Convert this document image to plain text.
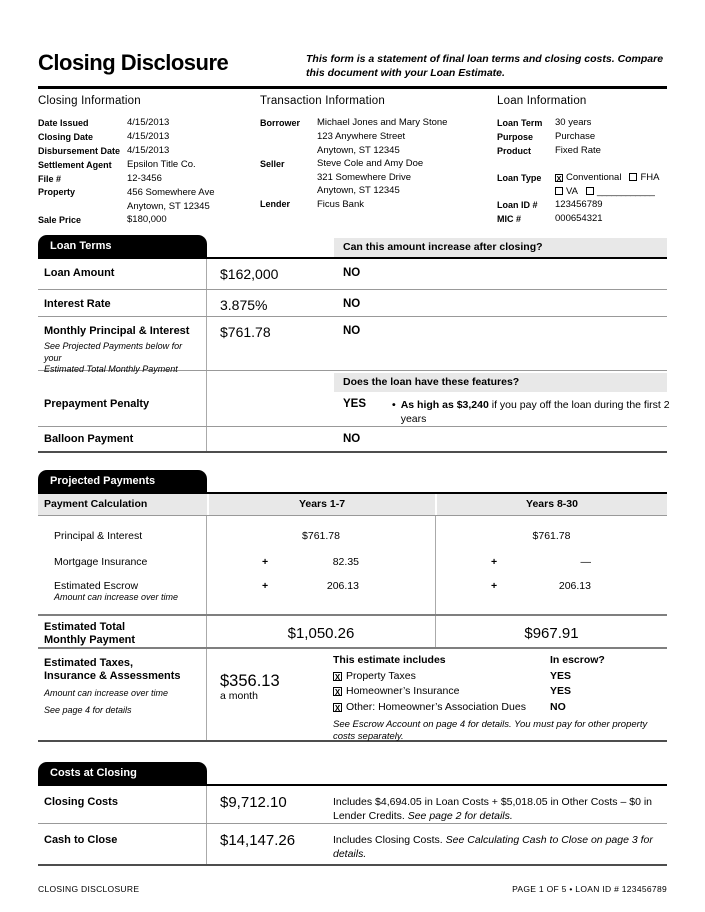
Closing Disclosure	This form is a statement of final loan terms and closing costs. Compare this document with your Loan Estimate.
Closing Information
Date Issued	4/15/2013
Closing Date	4/15/2013
Disbursement Date 4/15/2013
Settlement Agent	Epsilon Title Co.
File #	12-3456
Property	456 Somewhere Ave
Anytown, ST 12345
Sale Price	$180,000
Transaction Information
Borrower	Michael Jones and Mary Stone
123 Anywhere Street
Anytown, ST 12345
Seller	Steve Cole and Amy Doe
321 Somewhere Drive
Anytown, ST 12345
Lender	Ficus Bank
Loan Information
Loan Term	30 years
Purpose	Purchase
Product	Fixed Rate
Loan Type	X Conventional FHA
VA ____________
Loan ID #	123456789
MIC #	000654321
Loan Terms	Can this amount increase after closing?
Loan Amount	$162,000	NO
Interest Rate	3.875%	NO
Monthly Principal & Interest
See Projected Payments below for your
Estimated Total Monthly Payment
$761.78	NO
Does the loan have these features?
Prepayment Penalty	YES • As high as $3,240 if you pay off the loan during the first 2 years
Balloon Payment	NO
Projected Payments
Payment Calculation	Years 1-7	Years 8-30
Principal & Interest	$761.78	$761.78
Mortgage Insurance	+	82.35	+	—
Estimated Escrow
Amount can increase over time
+	206.13	+	206.13
Estimated Total Monthly Payment	$1,050.26	$967.91
Estimated Taxes, Insurance & Assessments
Amount can increase over time
See page 4 for details
$356.13
a month
This estimate includes	In escrow?
X Property Taxes	YES
X Homeowner’s Insurance	YES
X Other: Homeowner’s Association Dues	NO
See Escrow Account on page 4 for details. You must pay for other property costs separately.
Costs at Closing
Closing Costs	$9,712.10	Includes $4,694.05 in Loan Costs + $5,018.05 in Other Costs – $0 in Lender Credits. See page 2 for details.
Cash to Close	$14,147.26	Includes Closing Costs. See Calculating Cash to Close on page 3 for details.
CLOSING DISCLOSURE	PAGE 1 OF 5 • LOAN ID # 123456789
